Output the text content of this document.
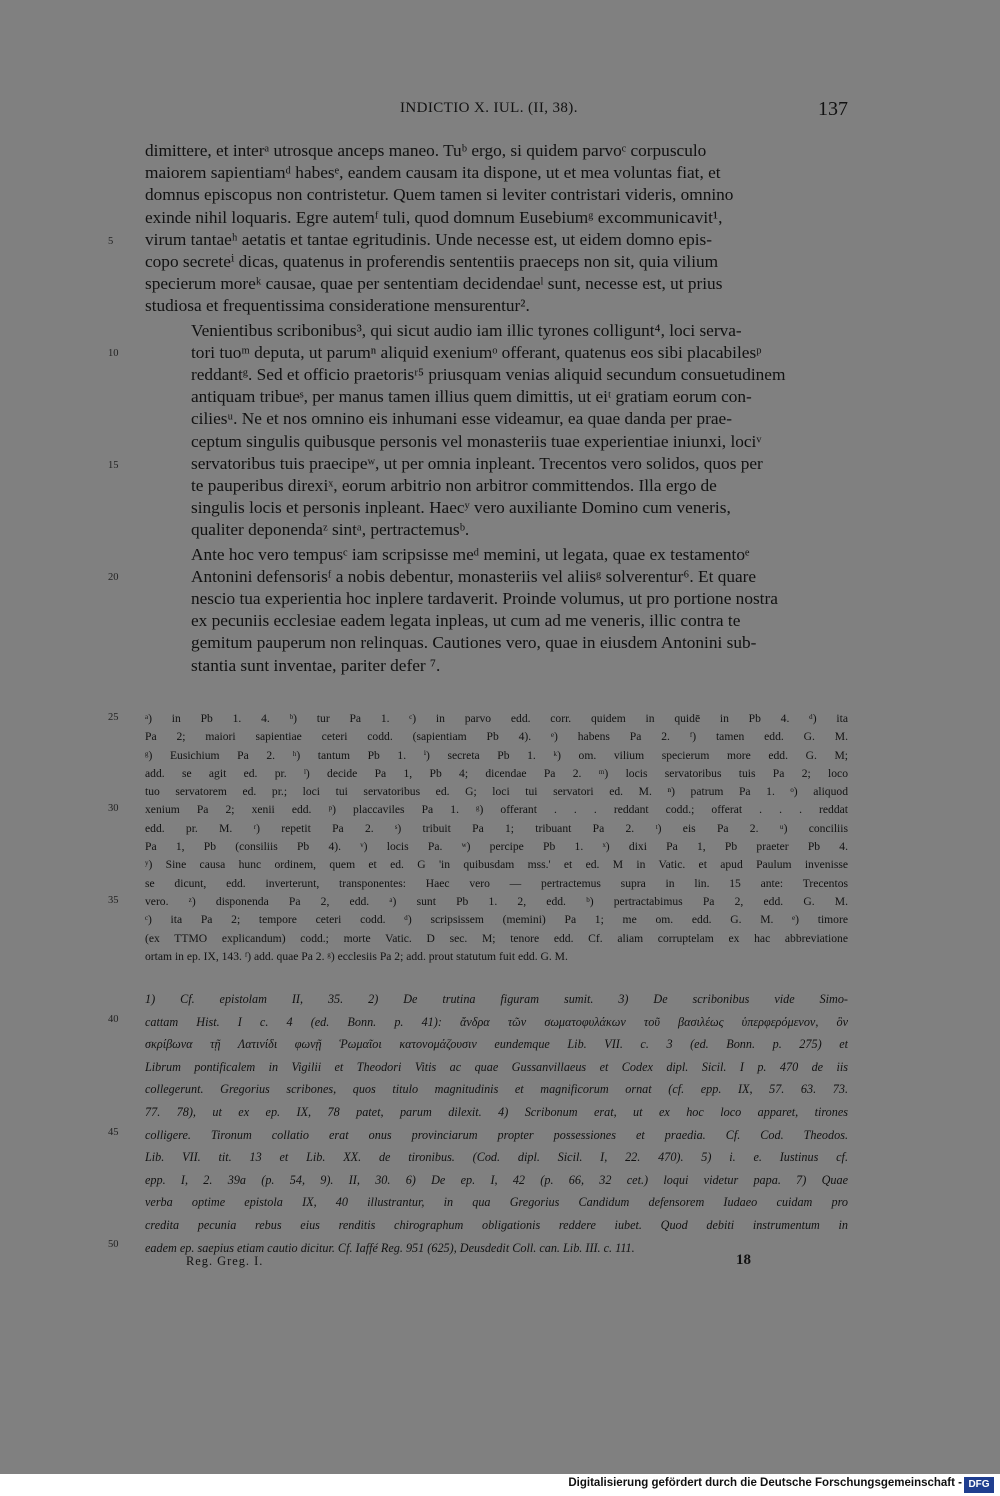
INDICTIO X. IUL. (II, 38).	137

dimittere, et interᵃ utrosque anceps maneo. Tuᵇ ergo, si quidem parvoᶜ corpusculo
maiorem sapientiamᵈ habesᵉ, eandem causam ita dispone, ut et mea voluntas fiat, et
domnus episcopus non contristetur. Quem tamen si leviter contristari videris, omnino
exinde nihil loquaris. Egre autemᶠ tuli, quod domnum Eusebiumᵍ excommunicavit¹,
virum tantaeʰ aetatis et tantae egritudinis. Unde necesse est, ut eidem domno epis-
copo secreteⁱ dicas, quatenus in proferendis sententiis praeceps non sit, quia vilium
specierum moreᵏ causae, quae per sententiam decidendaeˡ sunt, necesse est, ut prius
studiosa et frequentissima consideratione mensurentur².

Venientibus scribonibus³, qui sicut audio iam illic tyrones colligunt⁴, loci serva-
tori tuoᵐ deputa, ut parumⁿ aliquid exeniumᵒ offerant, quatenus eos sibi placabilesᵖ
reddantᵍ. Sed et officio praetorisʳ⁵ priusquam venias aliquid secundum consuetudinem
antiquam tribueˢ, per manus tamen illius quem dimittis, ut eiᵗ gratiam eorum con-
ciliesᵘ. Ne et nos omnino eis inhumani esse videamur, ea quae danda per prae-
ceptum singulis quibusque personis vel monasteriis tuae experientiae iniunxi, lociᵛ
servatoribus tuis praecipeʷ, ut per omnia inpleant. Trecentos vero solidos, quos per
te pauperibus direxiˣ, eorum arbitrio non arbitror committendos. Illa ergo de
singulis locis et personis inpleant. Haecʸ vero auxiliante Domino cum veneris,
qualiter deponendaᶻ sintᵃ, pertractemusᵇ.

Ante hoc vero tempusᶜ iam scripsisse meᵈ memini, ut legata, quae ex testamentoᵉ
Antonini defensorisᶠ a nobis debentur, monasteriis vel aliisᵍ solverentur⁶. Et quare
nescio tua experientia hoc inplere tardaverit. Proinde volumus, ut pro portione nostra
ex pecuniis ecclesiae eadem legata inpleas, ut cum ad me veneris, illic contra te
gemitum pauperum non relinquas. Cautiones vero, quae in eiusdem Antonini sub-
stantia sunt inventae, pariter defer ⁷.

5
10
15
20
25
30
35
40
45
50
ᵃ) in Pb 1. 4. ᵇ) tur Pa 1. ᶜ) in parvo edd. corr. quidem in quidē in Pb 4. ᵈ) ita
Pa 2; maiori sapientiae ceteri codd. (sapientiam Pb 4). ᵉ) habens Pa 2. ᶠ) tamen edd. G. M.
ᵍ) Eusichium Pa 2. ʰ) tantum Pb 1. ⁱ) secreta Pb 1. ᵏ) om. vilium specierum more edd. G. M;
add. se agit ed. pr. ˡ) decide Pa 1, Pb 4; dicendae Pa 2. ᵐ) locis servatoribus tuis Pa 2; loco
tuo servatorem ed. pr.; loci tui servatoribus ed. G; loci tui servatori ed. M. ⁿ) patrum Pa 1. ᵒ) aliquod
xenium Pa 2; xenii edd. ᵖ) placcaviles Pa 1. ᵍ) offerant . . . reddant codd.; offerat . . . reddat
edd. pr. M. ʳ) repetit Pa 2. ˢ) tribuit Pa 1; tribuant Pa 2. ᵗ) eis Pa 2. ᵘ) conciliis
Pa 1, Pb (consiliis Pb 4). ᵛ) locis Pa. ʷ) percipe Pb 1. ˣ) dixi Pa 1, Pb praeter Pb 4.
ʸ) Sine causa hunc ordinem, quem et ed. G 'in quibusdam mss.' et ed. M in Vatic. et apud Paulum invenisse
se dicunt, edd. inverterunt, transponentes: Haec vero — pertractemus supra in lin. 15 ante: Trecentos
vero. ᶻ) disponenda Pa 2, edd. ᵃ) sunt Pb 1. 2, edd. ᵇ) pertractabimus Pa 2, edd. G. M.
ᶜ) ita Pa 2; tempore ceteri codd. ᵈ) scripsissem (memini) Pa 1; me om. edd. G. M. ᵉ) timore
(ex TTMO explicandum) codd.; morte Vatic. D sec. M; tenore edd. Cf. aliam corruptelam ex hac abbreviatione
ortam in ep. IX, 143. ᶠ) add. quae Pa 2. ᵍ) ecclesiis Pa 2; add. prout statutum fuit edd. G. M.
1) Cf. epistolam II, 35. 2) De trutina figuram sumit. 3) De scribonibus vide Simo-
cattam Hist. I c. 4 (ed. Bonn. p. 41): ἄνδρα τῶν σωματοφυλάκων τοῦ βασιλέως ὑπερφερόμενον, ὃν
σκρίβωνα τῇ Λατινίδι φωνῇ Ῥωμαῖοι κατονομάζουσιν eundemque Lib. VII. c. 3 (ed. Bonn. p. 275) et
Librum pontificalem in Vigilii et Theodori Vitis ac quae Gussanvillaeus et Codex dipl. Sicil. I p. 470 de iis
collegerunt. Gregorius scribones, quos titulo magnitudinis et magnificorum ornat (cf. epp. IX, 57. 63. 73.
77. 78), ut ex ep. IX, 78 patet, parum dilexit. 4) Scribonum erat, ut ex hoc loco apparet, tirones
colligere. Tironum collatio erat onus provinciarum propter possessiones et praedia. Cf. Cod. Theodos.
Lib. VII. tit. 13 et Lib. XX. de tironibus. (Cod. dipl. Sicil. I, 22. 470). 5) i. e. Iustinus cf.
epp. I, 2. 39a (p. 54, 9). II, 30. 6) De ep. I, 42 (p. 66, 32 cet.) loqui videtur papa. 7) Quae
verba optime epistola IX, 40 illustrantur, in qua Gregorius Candidum defensorem Iudaeo cuidam pro
credita pecunia rebus eius renditis chirographum obligationis reddere iubet. Quod debiti instrumentum in
eadem ep. saepius etiam cautio dicitur. Cf. Iaffé Reg. 951 (625), Deusdedit Coll. can. Lib. III. c. 111.
Reg. Greg. I.	18
Digitalisierung gefördert durch die Deutsche Forschungsgemeinschaft - DFG
